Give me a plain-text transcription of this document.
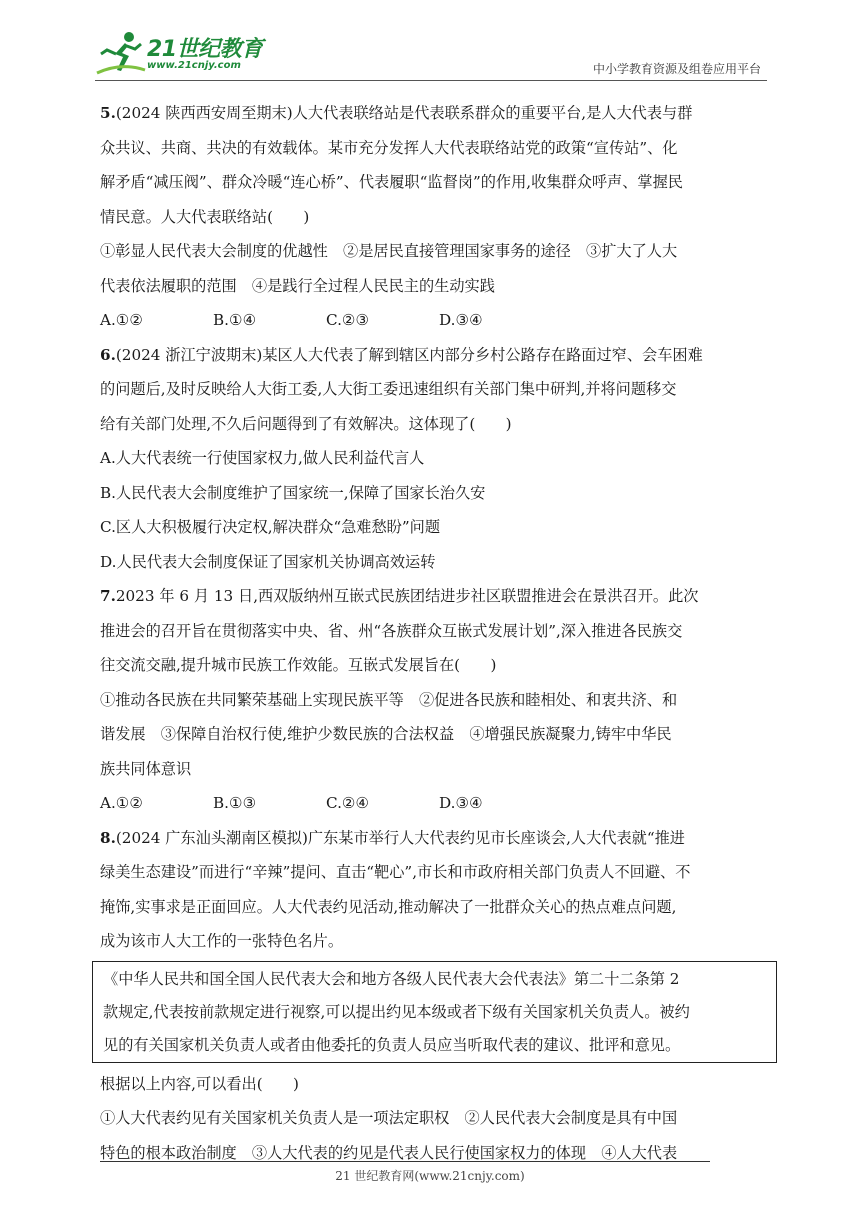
21世纪教育
www.21cnjy.com	中小学教育资源及组卷应用平台
5.(2024 陕西西安周至期末)人大代表联络站是代表联系群众的重要平台,是人大代表与群
众共议、共商、共决的有效载体。某市充分发挥人大代表联络站党的政策“宣传站”、化
解矛盾“减压阀”、群众冷暖“连心桥”、代表履职“监督岗”的作用,收集群众呼声、掌握民
情民意。人大代表联络站(　　)
①彰显人民代表大会制度的优越性　②是居民直接管理国家事务的途径　③扩大了人大
代表依法履职的范围　④是践行全过程人民民主的生动实践
A.①②	B.①④	C.②③	D.③④
6.(2024 浙江宁波期末)某区人大代表了解到辖区内部分乡村公路存在路面过窄、会车困难
的问题后,及时反映给人大街工委,人大街工委迅速组织有关部门集中研判,并将问题移交
给有关部门处理,不久后问题得到了有效解决。这体现了(　　)
A.人大代表统一行使国家权力,做人民利益代言人
B.人民代表大会制度维护了国家统一,保障了国家长治久安
C.区人大积极履行决定权,解决群众“急难愁盼”问题
D.人民代表大会制度保证了国家机关协调高效运转
7.2023 年 6 月 13 日,西双版纳州互嵌式民族团结进步社区联盟推进会在景洪召开。此次
推进会的召开旨在贯彻落实中央、省、州“各族群众互嵌式发展计划”,深入推进各民族交
往交流交融,提升城市民族工作效能。互嵌式发展旨在(　　)
①推动各民族在共同繁荣基础上实现民族平等　②促进各民族和睦相处、和衷共济、和
谐发展　③保障自治权行使,维护少数民族的合法权益　④增强民族凝聚力,铸牢中华民
族共同体意识
A.①②	B.①③	C.②④	D.③④
8.(2024 广东汕头潮南区模拟)广东某市举行人大代表约见市长座谈会,人大代表就“推进
绿美生态建设”而进行“辛辣”提问、直击“靶心”,市长和市政府相关部门负责人不回避、不
掩饰,实事求是正面回应。人大代表约见活动,推动解决了一批群众关心的热点难点问题,
成为该市人大工作的一张特色名片。
《中华人民共和国全国人民代表大会和地方各级人民代表大会代表法》第二十二条第 2
款规定,代表按前款规定进行视察,可以提出约见本级或者下级有关国家机关负责人。被约
见的有关国家机关负责人或者由他委托的负责人员应当听取代表的建议、批评和意见。
根据以上内容,可以看出(　　)
①人大代表约见有关国家机关负责人是一项法定职权　②人民代表大会制度是具有中国
特色的根本政治制度　③人大代表的约见是代表人民行使国家权力的体现　④人大代表
21 世纪教育网(www.21cnjy.com)
